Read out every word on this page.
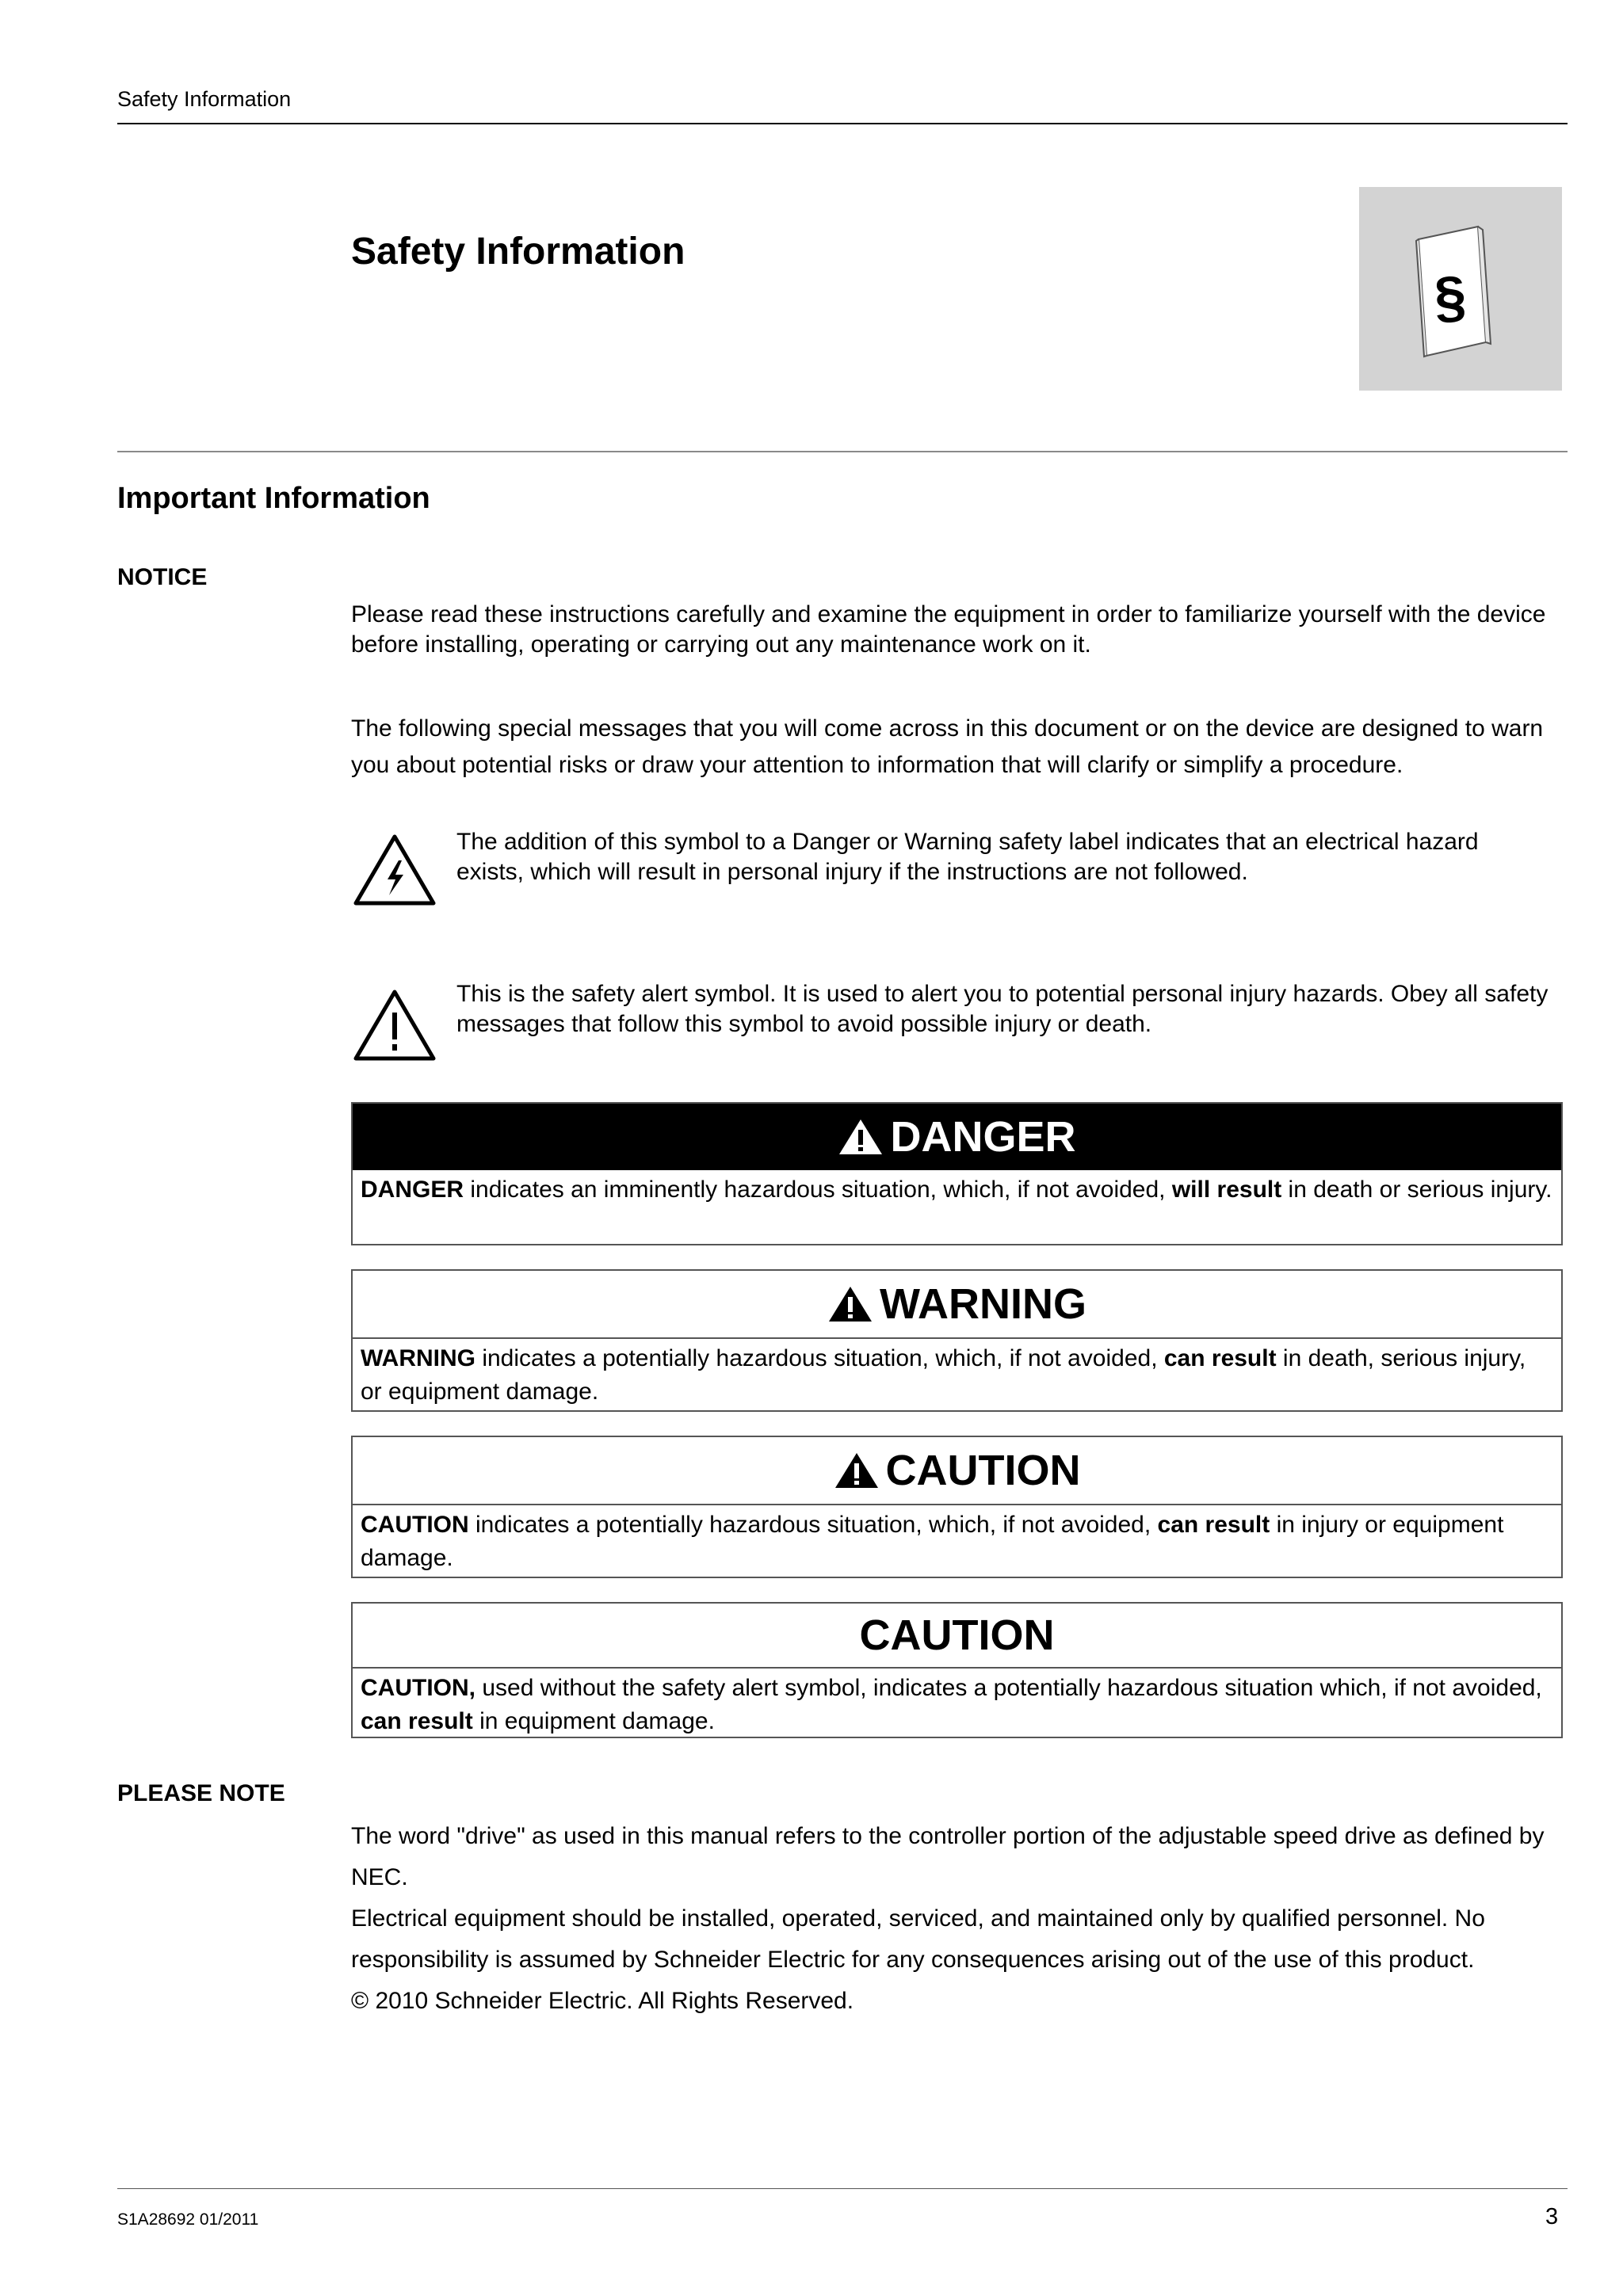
Safety Information
Safety Information
§
Important Information
NOTICE
Please read these instructions carefully and examine the equipment in order to familiarize yourself with the device before installing, operating or carrying out any maintenance work on it.
The following special messages that you will come across in this document or on the device are designed to warn you about potential risks or draw your attention to information that will clarify or simplify a procedure.
The addition of this symbol to a Danger or Warning safety label indicates that an electrical hazard exists, which will result in personal injury if the instructions are not followed.
This is the safety alert symbol. It is used to alert you to potential personal injury hazards. Obey all safety messages that follow this symbol to avoid possible injury or death.
DANGER
DANGER indicates an imminently hazardous situation, which, if not avoided, will result in death or serious injury.
WARNING
WARNING indicates a potentially hazardous situation, which, if not avoided, can result in death, serious injury, or equipment damage.
CAUTION
CAUTION indicates a potentially hazardous situation, which, if not avoided, can result in injury or equipment damage.
CAUTION
CAUTION, used without the safety alert symbol, indicates a potentially hazardous situation which, if not avoided, can result in equipment damage.
PLEASE NOTE
The word "drive" as used in this manual refers to the controller portion of the adjustable speed drive as defined by NEC.
Electrical equipment should be installed, operated, serviced, and maintained only by qualified personnel. No responsibility is assumed by Schneider Electric for any consequences arising out of the use of this product.
© 2010 Schneider Electric. All Rights Reserved.
S1A28692 01/2011	3
